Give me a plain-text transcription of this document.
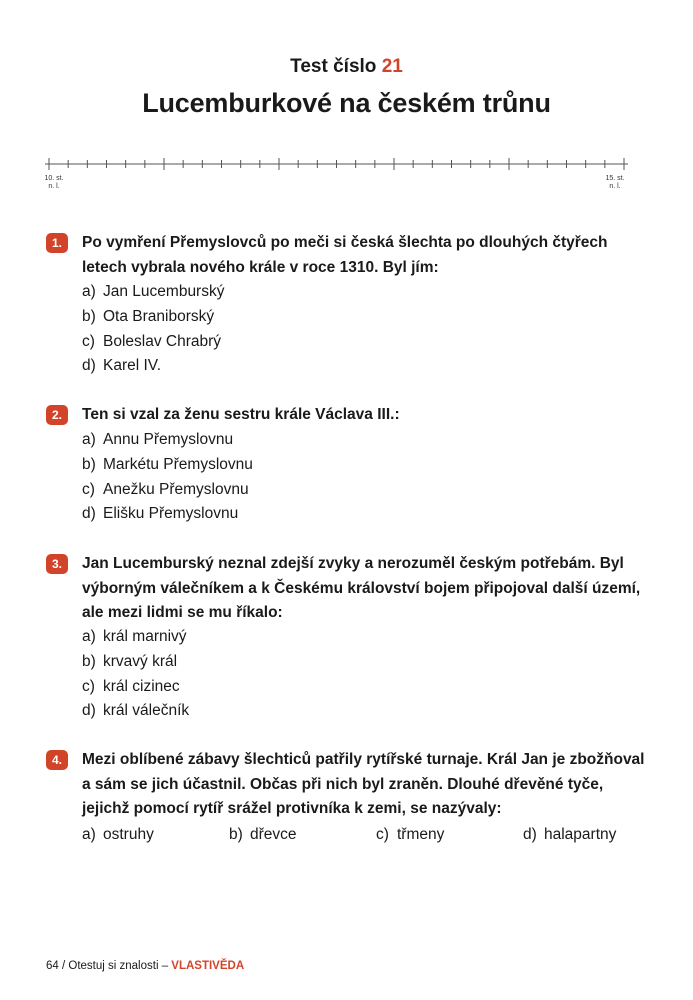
Test číslo 21
Lucemburkové na českém trůnu
10. st.
n. l.
15. st.
n. l.
1.	Po vymření Přemyslovců po meči si česká šlechta po dlouhých čtyřech letech vybrala nového krále v roce 1310. Byl jím:
a) Jan Lucemburský
b) Ota Braniborský
c) Boleslav Chrabrý
d) Karel IV.
2.	Ten si vzal za ženu sestru krále Václava III.:
a) Annu Přemyslovnu
b) Markétu Přemyslovnu
c) Anežku Přemyslovnu
d) Elišku Přemyslovnu
3.	Jan Lucemburský neznal zdejší zvyky a nerozuměl českým potřebám. Byl výborným válečníkem a k Českému království bojem připojoval další území, ale mezi lidmi se mu říkalo:
a) král marnivý
b) krvavý král
c) král cizinec
d) král válečník
4.	Mezi oblíbené zábavy šlechticů patřily rytířské turnaje. Král Jan je zbožňoval a sám se jich účastnil. Občas při nich byl zraněn. Dlouhé dřevěné tyče, jejichž pomocí rytíř srážel protivníka k zemi, se nazývaly:
a) ostruhy	b) dřevce	c) třmeny	d) halapartny
64 / Otestuj si znalosti – VLASTIVĚDA
